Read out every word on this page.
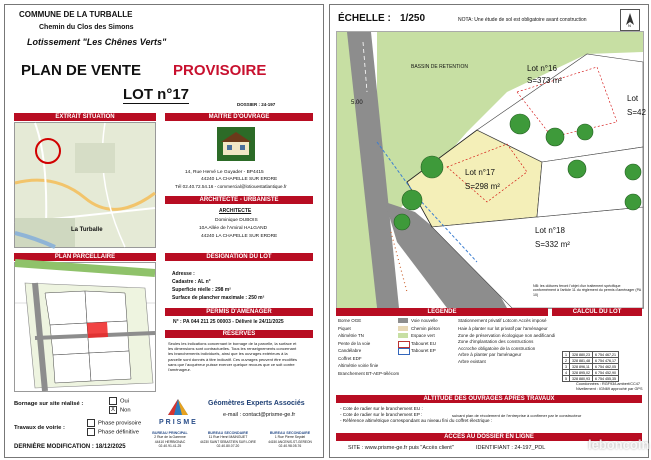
COMMUNE DE LA TURBALLE
Chemin du Clos des Simons
Lotissement "Les Chênes Verts"
PLAN DE VENTE PROVISOIRE
LOT n°17
DOSSIER : 24-197
EXTRAIT SITUATION
La Turballe
MAÎTRE D'OUVRAGE
14, Rue Hervé Le Guyader - BP4415
44240 LA CHAPELLE SUR ERDRE
Tél 02.40.72.54.16 - commercial@lotiouestatlantique.fr
ARCHITECTE - URBANISTE
ARCHITECTE
Dominique DUBOIS
10A Allée de l'Amiral HALGAND
44240 LA CHAPELLE SUR ERDRE
PLAN PARCELLAIRE	DÉSIGNATION DU LOT
Adresse :
Cadastre : AL n°
Superficie réelle : 298 m²
Surface de plancher maximale : 250 m²
PERMIS D'AMÉNAGER
N° : PA 044 211 25 00003 - Délivré le 24/11/2025
RÉSERVES
Seules les indications concernant le bornage de la parcelle, la surface et
les dimensions sont contractuelles. Tous les renseignements concernant
les branchements individuels, ainsi que les ouvrages extérieurs à la
parcelle sont donnés à titre indicatif. Ces ouvrages peuvent être modifiés
sans que l'acquéreur puisse exercer quelque recours que ce soit contre
l'aménageur.
Bornage sur site réalisé :	Oui
X Non
Travaux de voirie :
Phase provisoire
Phase définitive
DERNIÈRE MODIFICATION : 18/12/2025
PRISME
Géomètres Experts Associés
e-mail : contact@prisme-ge.fr
BUREAU PRINCIPAL
2 Rue de la Garenne
44410 HERBIGNAC
02.40.91.41.25
BUREAU SECONDAIRE
11 Rue Henri MAINGUET
44230 SAINT SEBASTIEN SUR LOIRE
02.40.80.07.20
BUREAU SECONDAIRE
1 Rue Pierre Seydel
44150 ANCENIS-ST-GEREON
02.40.98.05.76
ÉCHELLE : 1/250	NOTA: Une étude de sol est obligatoire avant construction
N
BASSIN DE RETENTION
5.00
Lot n°16
S=373 m²
Lot n°17
S=298 m²
Lot n°18
S=332 m²
Lot
S=42
NB: les clôtures feront l'objet d'un traitement spécifique conformément à l'article 11 du règlement du permis d'aménager (PA 10)
LÉGENDE	CALCUL DU LOT
Borne OGE
Piquet
Altimétrie TN
Pente de la voie
Candélabre
Coffret EDF
Altimétrie voirie finie
Branchement BT-AEP-télécom
Voie nouvelle
Chemin piéton
Espace vert
Tabouret EU
Tabouret EP
Stationnement privatif Lotcom Accès imposé
Haie à planter sur lot privatif par l'aménageur
Zone de préservation écologique non aedificandi
Zone d'implantation des constructions
Accroche obligatoire de la construction
Arbre à planter par l'aménageur
Arbre existant
1	328 880,23	6 754 467,21
2	328 881,48	6 754 476,17
3	328 896,11	6 754 462,05
4	328 895,02	6 754 452,90
5	328 880,93	6 754 455,35
Coordonnées : RGF93/Lambert/CC47
Nivellement : IGN69 approché par GPS
ALTITUDE DES OUVRAGES APRÈS TRAVAUX
- Cote de radier sur le branchement EU :
- Cote de radier sur le branchement EP :
- Référence altimétrique correspondant au niveau fini du coffret électrique :
suivant plan de récolement de l'entreprise à confirmer par le constructeur
ACCÈS AU DOSSIER EN LIGNE
SITE : www.prisme-ge.fr puis "Accès client"	IDENTIFIANT : 24-197_PDL	leboncoin
